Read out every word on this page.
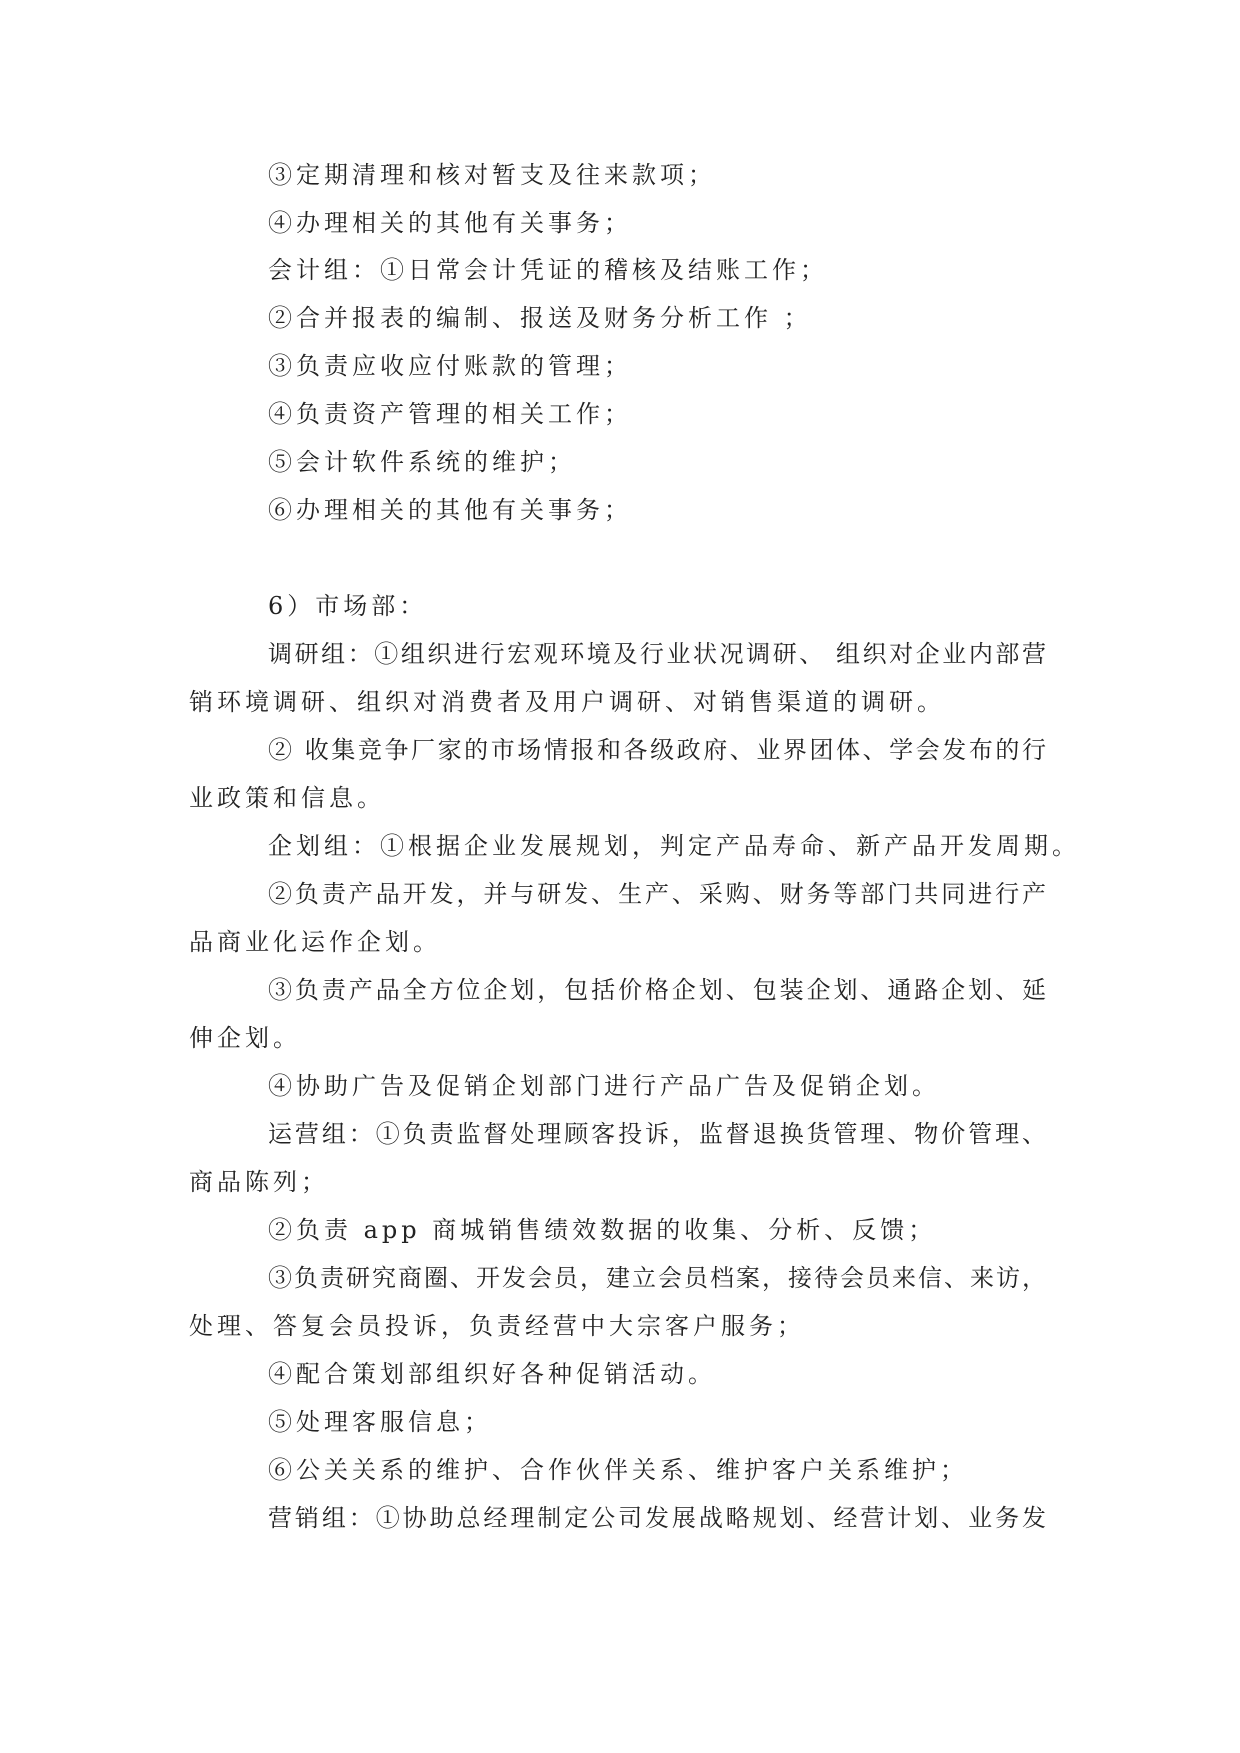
③定期清理和核对暂支及往来款项；
④办理相关的其他有关事务；
会计组：①日常会计凭证的稽核及结账工作；
②合并报表的编制、报送及财务分析工作 ；
③负责应收应付账款的管理；
④负责资产管理的相关工作；
⑤会计软件系统的维护；
⑥办理相关的其他有关事务；
6）市场部：
调研组：①组织进行宏观环境及行业状况调研、 组织对企业内部营
销环境调研、组织对消费者及用户调研、对销售渠道的调研。
② 收集竞争厂家的市场情报和各级政府、业界团体、学会发布的行
业政策和信息。
企划组：①根据企业发展规划，判定产品寿命、新产品开发周期。
②负责产品开发，并与研发、生产、采购、财务等部门共同进行产
品商业化运作企划。
③负责产品全方位企划，包括价格企划、包装企划、通路企划、延
伸企划。
④协助广告及促销企划部门进行产品广告及促销企划。
运营组：①负责监督处理顾客投诉，监督退换货管理、物价管理、
商品陈列；
②负责 app 商城销售绩效数据的收集、分析、反馈；
③负责研究商圈、开发会员，建立会员档案，接待会员来信、来访，
处理、答复会员投诉，负责经营中大宗客户服务；
④配合策划部组织好各种促销活动。
⑤处理客服信息；
⑥公关关系的维护、合作伙伴关系、维护客户关系维护；
营销组：①协助总经理制定公司发展战略规划、经营计划、业务发
